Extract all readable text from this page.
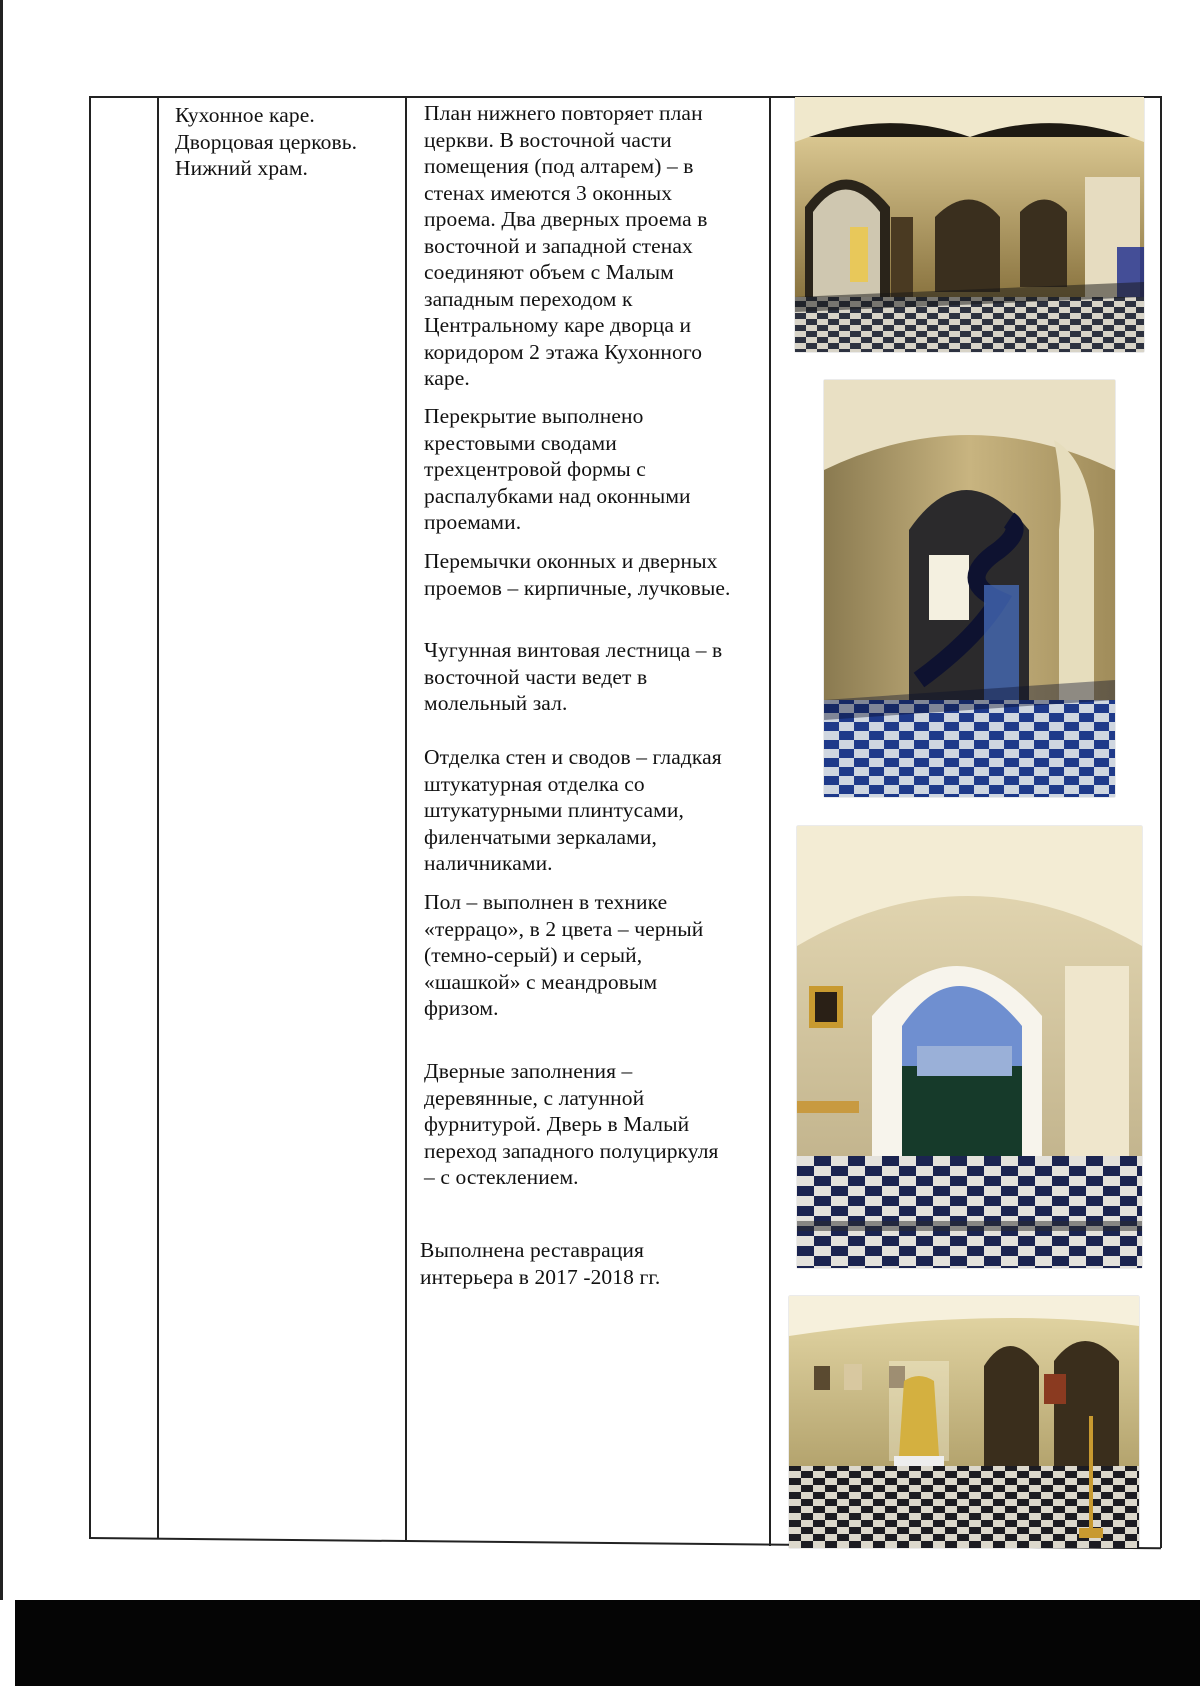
Кухонное каре.

Дворцовая церковь.

Нижний храм.

План нижнего повторяет план

церкви. В восточной части

помещения (под алтарем) – в

стенах имеются 3 оконных

проема. Два дверных проема в

восточной и западной стенах

соединяют объем с Малым

западным переходом к

Центральному каре дворца и

коридором 2 этажа Кухонного

каре.

Перекрытие выполнено

крестовыми сводами

трехцентровой формы с

распалубками над оконными

проемами.

Перемычки оконных и дверных

проемов – кирпичные, лучковые.

Чугунная винтовая лестница – в

восточной части ведет в

молельный зал.

Отделка стен и сводов – гладкая

штукатурная отделка со

штукатурными плинтусами,

филенчатыми зеркалами,

наличниками.

Пол – выполнен в технике

«террацо», в 2 цвета – черный

(темно-серый) и серый,

«шашкой» с меандровым

фризом.

Дверные заполнения –

деревянные, с латунной

фурнитурой. Дверь в Малый

переход западного полуциркуля

– с остеклением.

Выполнена реставрация

интерьера в 2017 -2018 гг.
